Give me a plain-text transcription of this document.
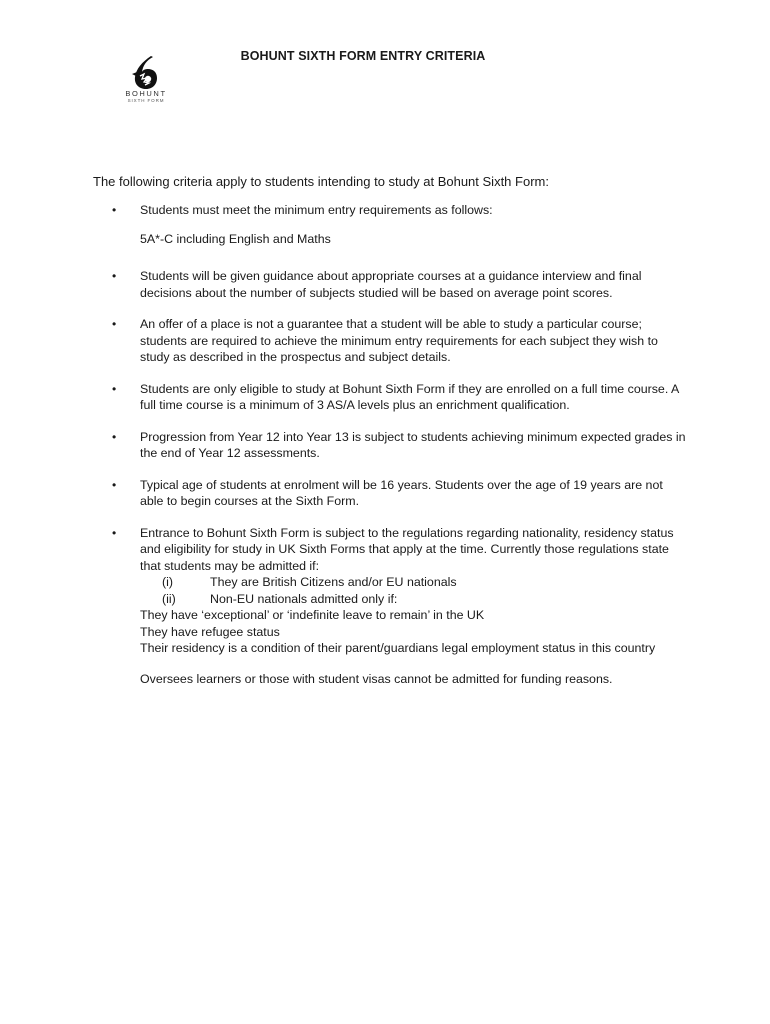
BOHUNT
SIXTH FORM
BOHUNT SIXTH FORM ENTRY CRITERIA
The following criteria apply to students intending to study at Bohunt Sixth Form:
•	Students must meet the minimum entry requirements as follows:

5A*-C including English and Maths

•	Students will be given guidance about appropriate courses at a guidance interview and final decisions about the number of subjects studied will be based on average point scores.

•	An offer of a place is not a guarantee that a student will be able to study a particular course; students are required to achieve the minimum entry requirements for each subject they wish to study as described in the prospectus and subject details.

•	Students are only eligible to study at Bohunt Sixth Form if they are enrolled on a full time course. A full time course is a minimum of 3 AS/A levels plus an enrichment qualification.

•	Progression from Year 12 into Year 13 is subject to students achieving minimum expected grades in the end of Year 12 assessments.

•	Typical age of students at enrolment will be 16 years. Students over the age of 19 years are not able to begin courses at the Sixth Form.

•	Entrance to Bohunt Sixth Form is subject to the regulations regarding nationality, residency status and eligibility for study in UK Sixth Forms that apply at the time. Currently those regulations state that students may be admitted if:

(i)	They are British Citizens and/or EU nationals
(ii)	Non-EU nationals admitted only if:

They have ‘exceptional’ or ‘indefinite leave to remain’ in the UK

They have refugee status

Their residency is a condition of their parent/guardians legal employment status in this country

Oversees learners or those with student visas cannot be admitted for funding reasons.
